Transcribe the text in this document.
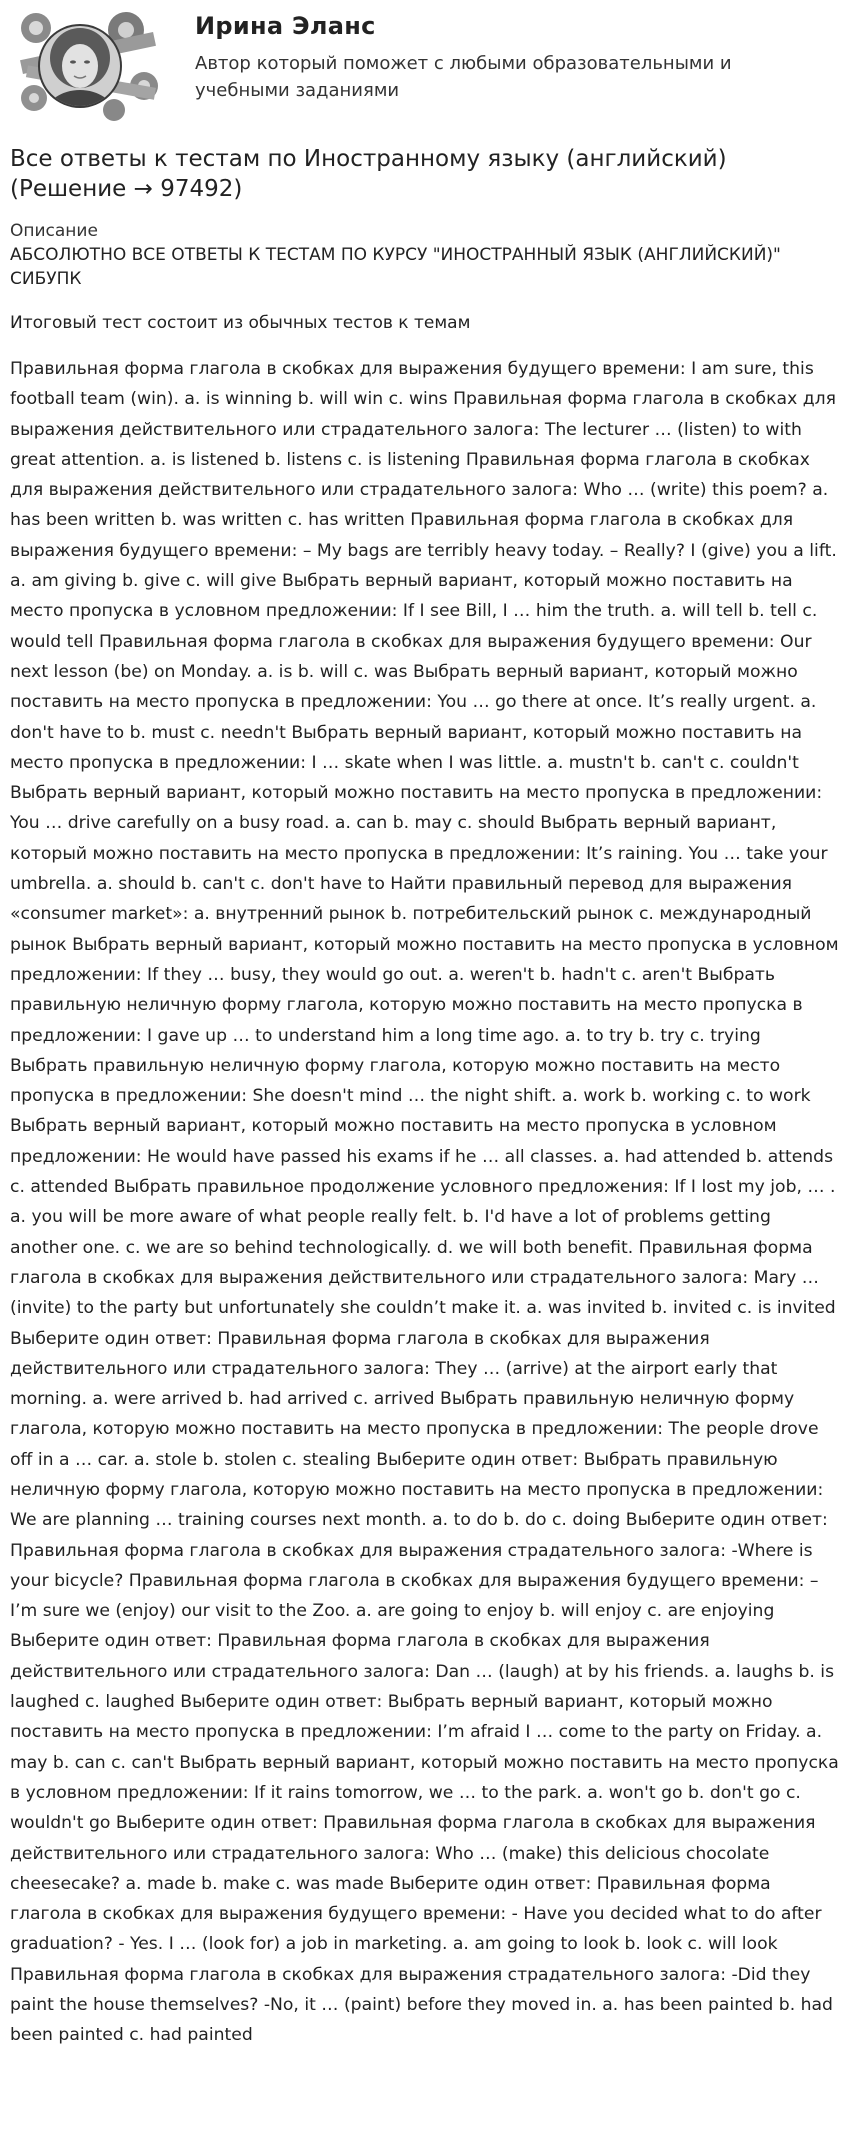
Ирина Эланс
Автор который поможет с любыми образовательными и учебными заданиями
Все ответы к тестам по Иностранному языку (английский) (Решение → 97492)
Описание
АБСОЛЮТНО ВСЕ ОТВЕТЫ К ТЕСТАМ ПО КУРСУ "ИНОСТРАННЫЙ ЯЗЫК (АНГЛИЙСКИЙ)" СИБУПК
Итоговый тест состоит из обычных тестов к темам
Правильная форма глагола в скобках для выражения будущего времени: I am sure, this football team (win). a. is winning b. will win c. wins Правильная форма глагола в скобках для выражения действительного или страдательного залога: The lecturer … (listen) to with great attention. a. is listened b. listens c. is listening Правильная форма глагола в скобках для выражения действительного или страдательного залога: Who … (write) this poem? a. has been written b. was written c. has written Правильная форма глагола в скобках для выражения будущего времени: – My bags are terribly heavy today. – Really? I (give) you a lift. a. am giving b. give c. will give Выбрать верный вариант, который можно поставить на место пропуска в условном предложении: If I see Bill, I … him the truth. a. will tell b. tell c. would tell Правильная форма глагола в скобках для выражения будущего времени: Our next lesson (be) on Monday. a. is b. will c. was Выбрать верный вариант, который можно поставить на место пропуска в предложении: You … go there at once. It’s really urgent. a. don't have to b. must c. needn't Выбрать верный вариант, который можно поставить на место пропуска в предложении: I … skate when I was little. a. mustn't b. can't c. couldn't Выбрать верный вариант, который можно поставить на место пропуска в предложении: You … drive carefully on a busy road. a. can b. may c. should Выбрать верный вариант, который можно поставить на место пропуска в предложении: It’s raining. You … take your umbrella. a. should b. can't c. don't have to Найти правильный перевод для выражения «consumer market»: a. внутренний рынок b. потребительский рынок c. международный рынок Выбрать верный вариант, который можно поставить на место пропуска в условном предложении: If they … busy, they would go out. a. weren't b. hadn't c. aren't Выбрать правильную неличную форму глагола, которую можно поставить на место пропуска в предложении: I gave up … to understand him a long time ago. a. to try b. try c. trying Выбрать правильную неличную форму глагола, которую можно поставить на место пропуска в предложении: She doesn't mind … the night shift. a. work b. working c. to work Выбрать верный вариант, который можно поставить на место пропуска в условном предложении: He would have passed his exams if he … all classes. a. had attended b. attends c. attended Выбрать правильное продолжение условного предложения: If I lost my job, … . a. you will be more aware of what people really felt. b. I'd have a lot of problems getting another one. c. we are so behind technologically. d. we will both benefit. Правильная форма глагола в скобках для выражения действительного или страдательного залога: Mary … (invite) to the party but unfortunately she couldn’t make it. a. was invited b. invited c. is invited Выберите один ответ: Правильная форма глагола в скобках для выражения действительного или страдательного залога: They … (arrive) at the airport early that morning. a. were arrived b. had arrived c. arrived Выбрать правильную неличную форму глагола, которую можно поставить на место пропуска в предложении: The people drove off in a … car. a. stole b. stolen c. stealing Выберите один ответ: Выбрать правильную неличную форму глагола, которую можно поставить на место пропуска в предложении: We are planning … training courses next month. a. to do b. do c. doing Выберите один ответ: Правильная форма глагола в скобках для выражения страдательного залога: -Where is your bicycle? Правильная форма глагола в скобках для выражения будущего времени: – I’m sure we (enjoy) our visit to the Zoo. a. are going to enjoy b. will enjoy c. are enjoying Выберите один ответ: Правильная форма глагола в скобках для выражения действительного или страдательного залога: Dan … (laugh) at by his friends. a. laughs b. is laughed c. laughed Выберите один ответ: Выбрать верный вариант, который можно поставить на место пропуска в предложении: I’m afraid I … come to the party on Friday. a. may b. can c. can't Выбрать верный вариант, который можно поставить на место пропуска в условном предложении: If it rains tomorrow, we … to the park. a. won't go b. don't go c. wouldn't go Выберите один ответ: Правильная форма глагола в скобках для выражения действительного или страдательного залога: Who … (make) this delicious chocolate cheesecake? a. made b. make c. was made Выберите один ответ: Правильная форма глагола в скобках для выражения будущего времени: - Have you decided what to do after graduation? - Yes. I … (look for) a job in marketing. a. am going to look b. look c. will look Правильная форма глагола в скобках для выражения страдательного залога: -Did they paint the house themselves? -No, it … (paint) before they moved in. a. has been painted b. had been painted c. had painted
